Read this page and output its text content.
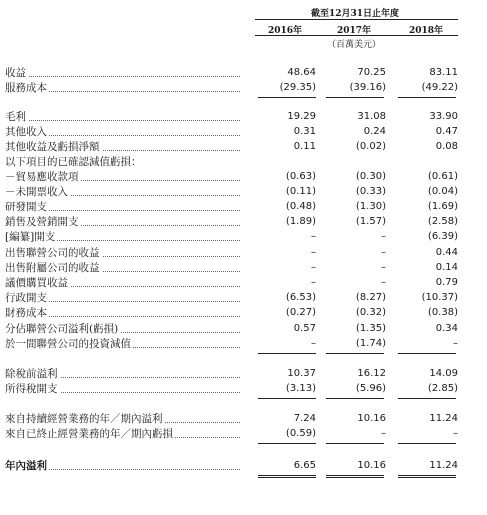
截至12月31日止年度
2016年	2017年	2018年
（百萬美元）
收益	48.64	70.25	83.11
服務成本	(29.35)	(39.16)	(49.22)
毛利	19.29	31.08	33.90
其他收入	0.31	0.24	0.47
其他收益及虧損淨額	0.11	(0.02)	0.08
以下項目的已確認減值虧損：
－貿易應收款項	(0.63)	(0.30)	(0.61)
－未開票收入	(0.11)	(0.33)	(0.04)
研發開支	(0.48)	(1.30)	(1.69)
銷售及營銷開支	(1.89)	(1.57)	(2.58)
[編纂]開支	–	–	(6.39)
出售聯營公司的收益	–	–	0.44
出售附屬公司的收益	–	–	0.14
議價購買收益	–	–	0.79
行政開支	(6.53)	(8.27)	(10.37)
財務成本	(0.27)	(0.32)	(0.38)
分佔聯營公司溢利(虧損)	0.57	(1.35)	0.34
於一間聯營公司的投資減值	–	(1.74)	–
除稅前溢利	10.37	16.12	14.09
所得稅開支	(3.13)	(5.96)	(2.85)
來自持續經營業務的年／期內溢利	7.24	10.16	11.24
來自已終止經營業務的年／期內虧損	(0.59)	–	–
年內溢利	6.65	10.16	11.24
